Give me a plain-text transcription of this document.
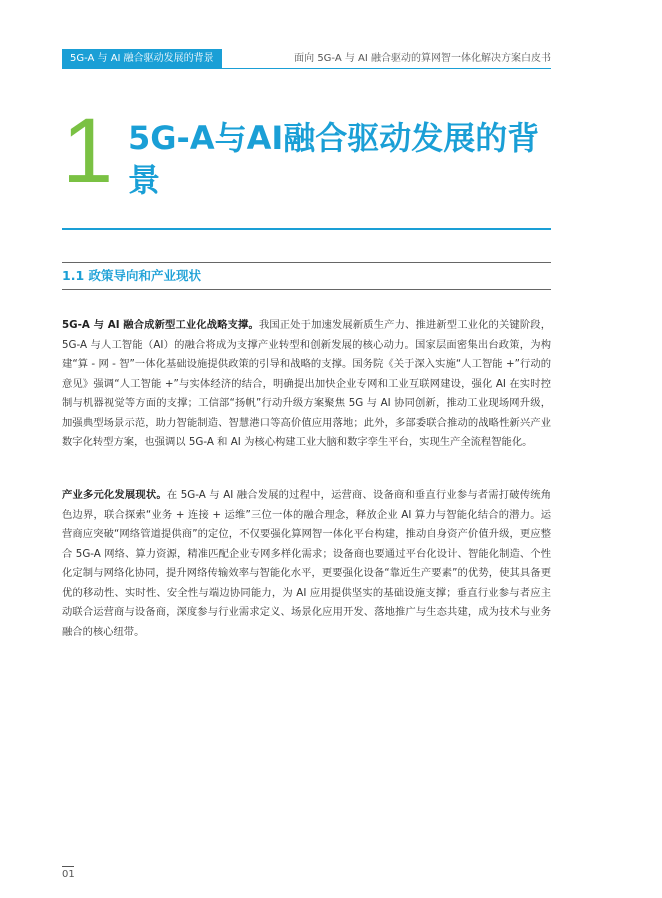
5G-A 与 AI 融合驱动发展的背景	面向 5G-A 与 AI 融合驱动的算网智一体化解决方案白皮书
1 5G-A与AI融合驱动发展的背景
1.1 政策导向和产业现状
5G-A 与 AI 融合成新型工业化战略支撑。我国正处于加速发展新质生产力、推进新型工业化的关键阶段，5G-A 与人工智能（AI）的融合将成为支撑产业转型和创新发展的核心动力。国家层面密集出台政策，为构建“算 - 网 - 智”一体化基础设施提供政策的引导和战略的支撑。国务院《关于深入实施“人工智能 +”行动的意见》强调“人工智能 +”与实体经济的结合，明确提出加快企业专网和工业互联网建设，强化 AI 在实时控制与机器视觉等方面的支撑；工信部“扬帆”行动升级方案聚焦 5G 与 AI 协同创新，推动工业现场网升级，加强典型场景示范，助力智能制造、智慧港口等高价值应用落地；此外，多部委联合推动的战略性新兴产业数字化转型方案，也强调以 5G-A 和 AI 为核心构建工业大脑和数字孪生平台，实现生产全流程智能化。
产业多元化发展现状。在 5G-A 与 AI 融合发展的过程中，运营商、设备商和垂直行业参与者需打破传统角色边界，联合探索“业务 + 连接 + 运维”三位一体的融合理念，释放企业 AI 算力与智能化结合的潜力。运营商应突破“网络管道提供商”的定位，不仅要强化算网智一体化平台构建，推动自身资产价值升级，更应整合 5G-A 网络、算力资源，精准匹配企业专网多样化需求；设备商也要通过平台化设计、智能化制造、个性化定制与网络化协同，提升网络传输效率与智能化水平，更要强化设备“靠近生产要素”的优势，使其具备更优的移动性、实时性、安全性与端边协同能力，为 AI 应用提供坚实的基础设施支撑；垂直行业参与者应主动联合运营商与设备商，深度参与行业需求定义、场景化应用开发、落地推广与生态共建，成为技术与业务融合的核心纽带。
01
